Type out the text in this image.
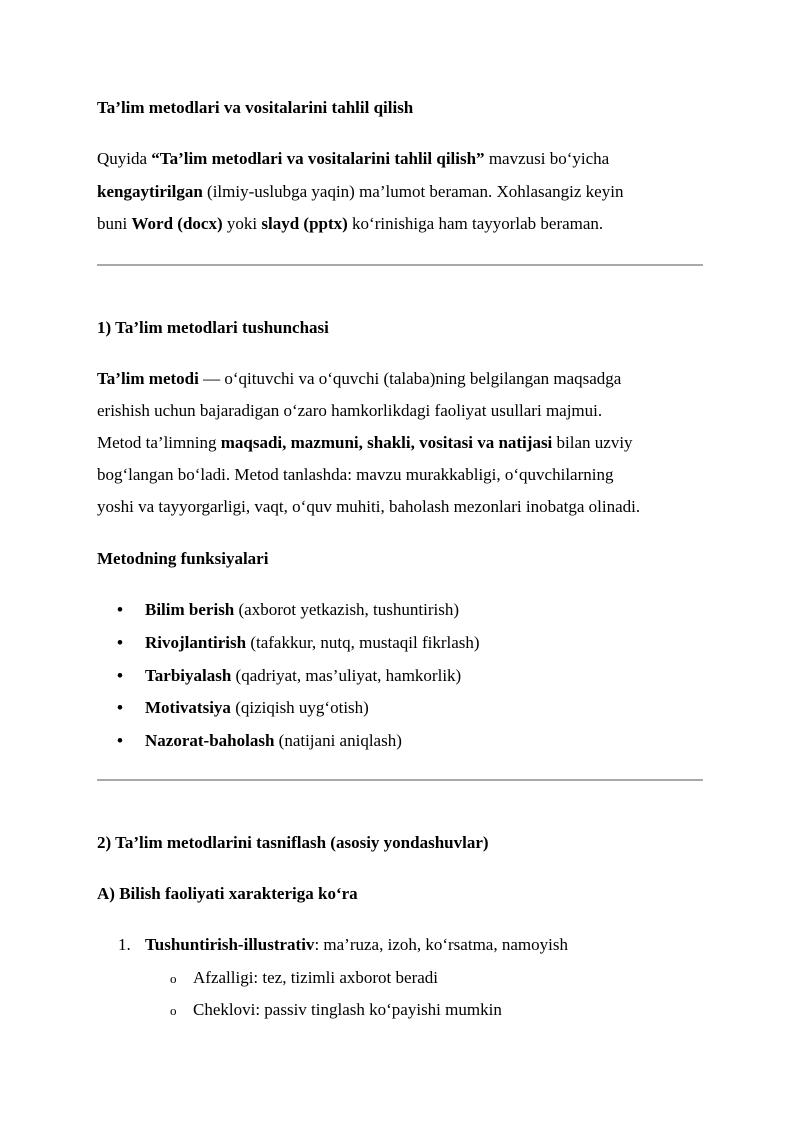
Ta’lim metodlari va vositalarini tahlil qilish
Quyida “Ta’lim metodlari va vositalarini tahlil qilish” mavzusi bo‘yicha
kengaytirilgan (ilmiy-uslubga yaqin) ma’lumot beraman. Xohlasangiz keyin
buni Word (docx) yoki slayd (pptx) ko‘rinishiga ham tayyorlab beraman.
1) Ta’lim metodlari tushunchasi
Ta’lim metodi — o‘qituvchi va o‘quvchi (talaba)ning belgilangan maqsadga
erishish uchun bajaradigan o‘zaro hamkorlikdagi faoliyat usullari majmui.
Metod ta’limning maqsadi, mazmuni, shakli, vositasi va natijasi bilan uzviy
bog‘langan bo‘ladi. Metod tanlashda: mavzu murakkabligi, o‘quvchilarning
yoshi va tayyorgarligi, vaqt, o‘quv muhiti, baholash mezonlari inobatga olinadi.
Metodning funksiyalari
• Bilim berish (axborot yetkazish, tushuntirish)
• Rivojlantirish (tafakkur, nutq, mustaqil fikrlash)
• Tarbiyalash (qadriyat, mas’uliyat, hamkorlik)
• Motivatsiya (qiziqish uyg‘otish)
• Nazorat-baholash (natijani aniqlash)
2) Ta’lim metodlarini tasniflash (asosiy yondashuvlar)
A) Bilish faoliyati xarakteriga ko‘ra
1. Tushuntirish-illustrativ: ma’ruza, izoh, ko‘rsatma, namoyish
o Afzalligi: tez, tizimli axborot beradi
o Cheklovi: passiv tinglash ko‘payishi mumkin
